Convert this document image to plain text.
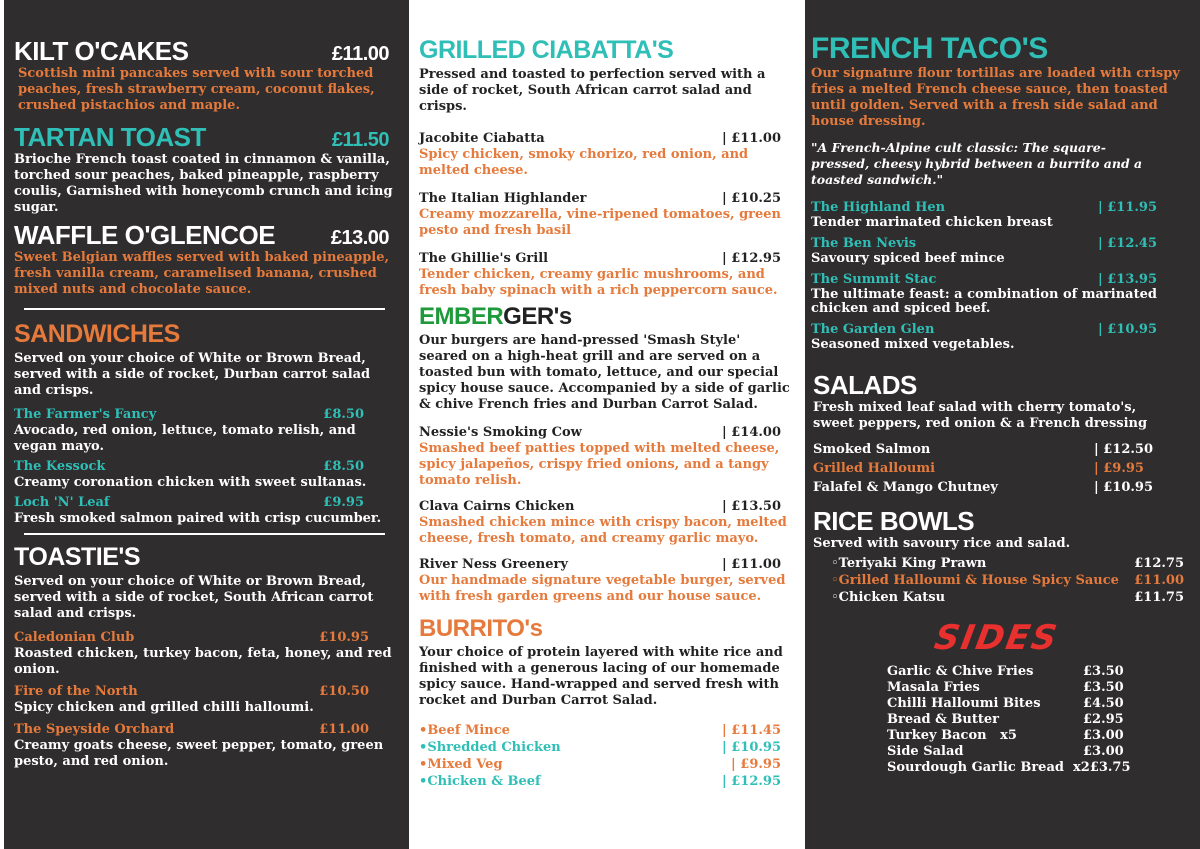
KILT O'CAKES	£11.00
Scottish mini pancakes served with sour torched peaches, fresh strawberry cream, coconut flakes, crushed pistachios and maple.
TARTAN TOAST	£11.50
Brioche French toast coated in cinnamon & vanilla, torched sour peaches, baked pineapple, raspberry coulis, Garnished with honeycomb crunch and icing sugar.
WAFFLE O'GLENCOE	£13.00
Sweet Belgian waffles served with baked pineapple, fresh vanilla cream, caramelised banana, crushed mixed nuts and chocolate sauce.
SANDWICHES
Served on your choice of White or Brown Bread, served with a side of rocket, Durban carrot salad and crisps.
The Farmer's Fancy	£8.50
Avocado, red onion, lettuce, tomato relish, and vegan mayo.
The Kessock	£8.50
Creamy coronation chicken with sweet sultanas.
Loch 'N' Leaf	£9.95
Fresh smoked salmon paired with crisp cucumber.
TOASTIE'S
Served on your choice of White or Brown Bread, served with a side of rocket, South African carrot salad and crisps.
Caledonian Club	£10.95
Roasted chicken, turkey bacon, feta, honey, and red onion.
Fire of the North	£10.50
Spicy chicken and grilled chilli halloumi.
The Speyside Orchard	£11.00
Creamy goats cheese, sweet pepper, tomato, green pesto, and red onion.
GRILLED CIABATTA'S
Pressed and toasted to perfection served with a side of rocket, South African carrot salad and crisps.
Jacobite Ciabatta	| £11.00
Spicy chicken, smoky chorizo, red onion, and melted cheese.
The Italian Highlander	| £10.25
Creamy mozzarella, vine-ripened tomatoes, green pesto and fresh basil
The Ghillie's Grill	| £12.95
Tender chicken, creamy garlic mushrooms, and fresh baby spinach with a rich peppercorn sauce.
EMBERGER's
Our burgers are hand-pressed 'Smash Style' seared on a high-heat grill and are served on a toasted bun with tomato, lettuce, and our special spicy house sauce. Accompanied by a side of garlic & chive French fries and Durban Carrot Salad.
Nessie's Smoking Cow	| £14.00
Smashed beef patties topped with melted cheese, spicy jalapeños, crispy fried onions, and a tangy tomato relish.
Clava Cairns Chicken	| £13.50
Smashed chicken mince with crispy bacon, melted cheese, fresh tomato, and creamy garlic mayo.
River Ness Greenery	| £11.00
Our handmade signature vegetable burger, served with fresh garden greens and our house sauce.
BURRITO's
Your choice of protein layered with white rice and finished with a generous lacing of our homemade spicy sauce. Hand-wrapped and served fresh with rocket and Durban Carrot Salad.
• Beef Mince	| £11.45
• Shredded Chicken	| £10.95
• Mixed Veg	| £9.95
• Chicken & Beef	| £12.95
FRENCH TACO'S
Our signature flour tortillas are loaded with crispy fries a melted French cheese sauce, then toasted until golden. Served with a fresh side salad and house dressing.
"A French-Alpine cult classic: The square-pressed, cheesy hybrid between a burrito and a toasted sandwich."
The Highland Hen	| £11.95
Tender marinated chicken breast
The Ben Nevis	| £12.45
Savoury spiced beef mince
The Summit Stac	| £13.95
The ultimate feast: a combination of marinated chicken and spiced beef.
The Garden Glen	| £10.95
Seasoned mixed vegetables.
SALADS
Fresh mixed leaf salad with cherry tomato's, sweet peppers, red onion & a French dressing
Smoked Salmon	| £12.50
Grilled Halloumi	| £9.95
Falafel & Mango Chutney	| £10.95
RICE BOWLS
Served with savoury rice and salad.
◦ Teriyaki King Prawn	£12.75
◦ Grilled Halloumi & House Spicy Sauce	£11.00
◦ Chicken Katsu	£11.75
SIDES
Garlic & Chive Fries	£3.50
Masala Fries	£3.50
Chilli Halloumi Bites	£4.50
Bread & Butter	£2.95
Turkey Bacon   x5	£3.00
Side Salad	£3.00
Sourdough Garlic Bread  x2 £3.75
